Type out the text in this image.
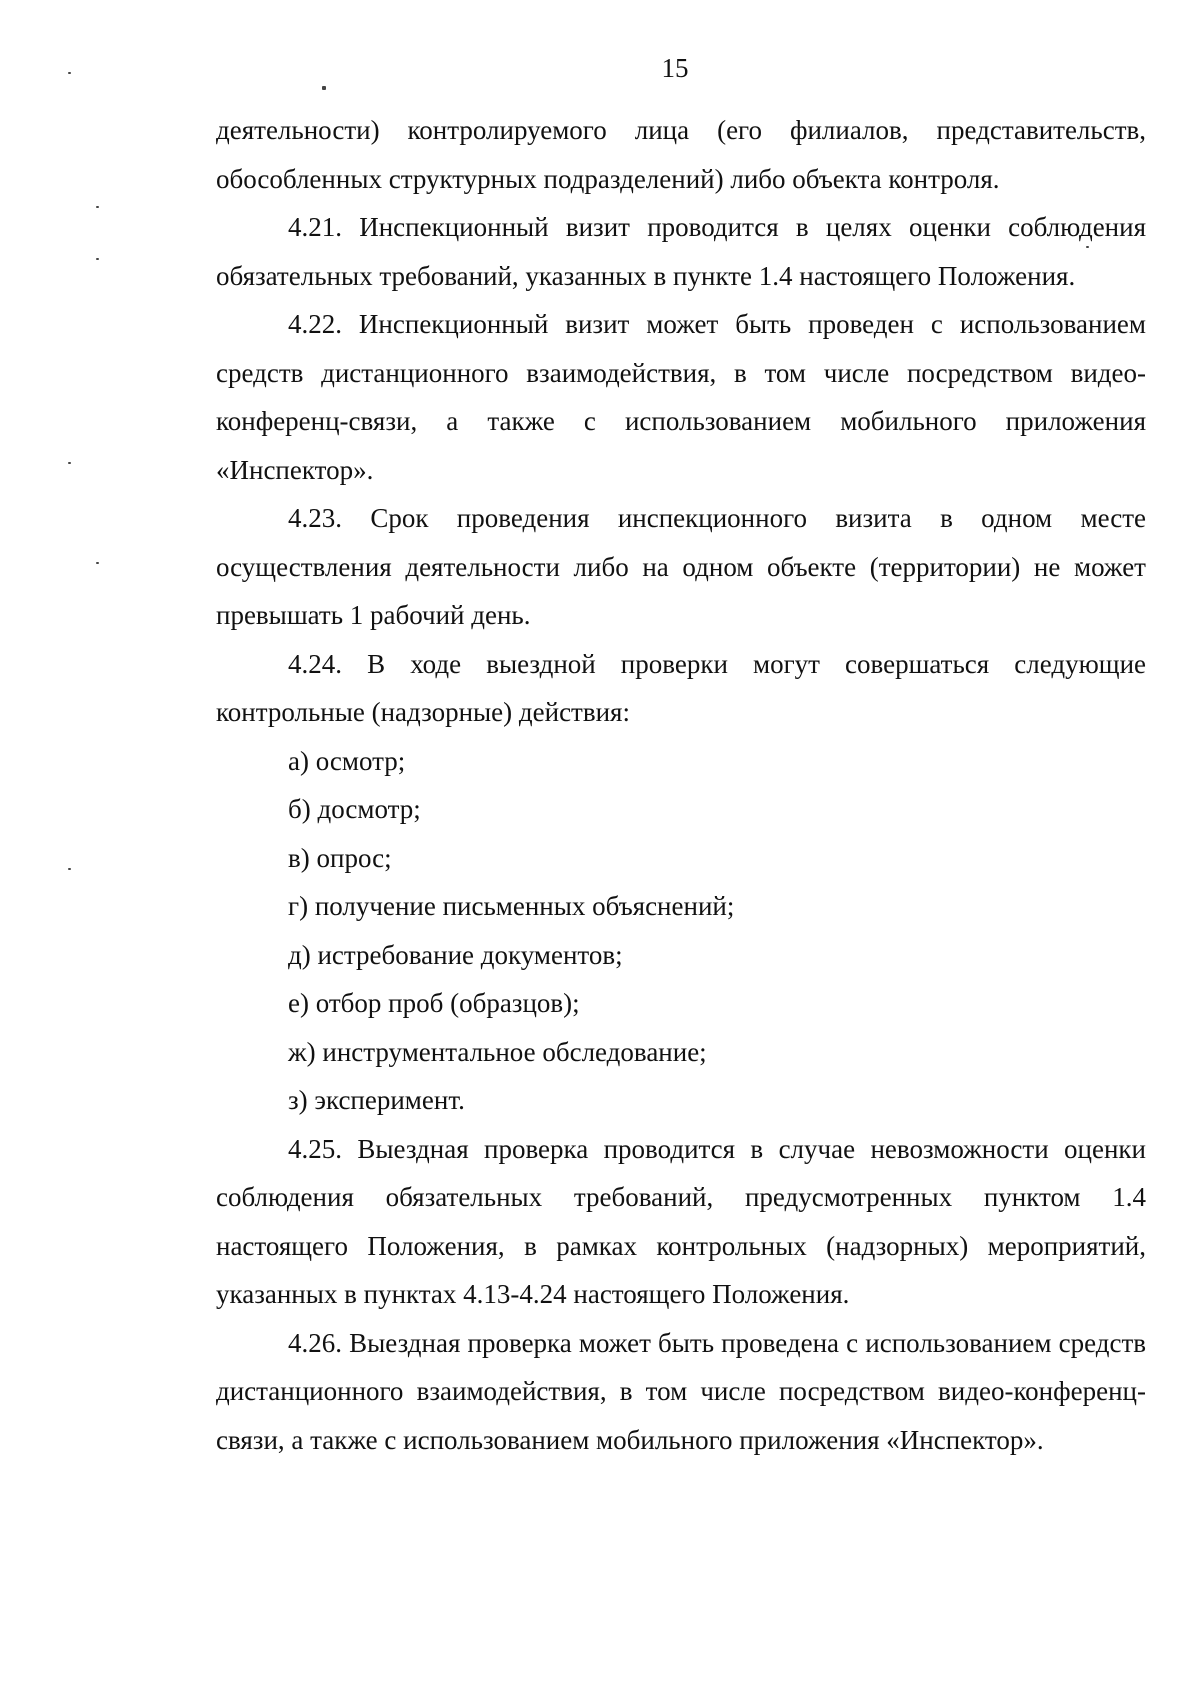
15

деятельности) контролируемого лица (его филиалов, представительств, обособленных структурных подразделений) либо объекта контроля.

4.21. Инспекционный визит проводится в целях оценки соблюдения обязательных требований, указанных в пункте 1.4 настоящего Положения.

4.22. Инспекционный визит может быть проведен с использованием средств дистанционного взаимодействия, в том числе посредством видео-конференц-связи, а также с использованием мобильного приложения «Инспектор».

4.23. Срок проведения инспекционного визита в одном месте осуществления деятельности либо на одном объекте (территории) не может превышать 1 рабочий день.

4.24. В ходе выездной проверки могут совершаться следующие контрольные (надзорные) действия:

а) осмотр;

б) досмотр;

в) опрос;

г) получение письменных объяснений;

д) истребование документов;

е) отбор проб (образцов);

ж) инструментальное обследование;

з) эксперимент.

4.25. Выездная проверка проводится в случае невозможности оценки соблюдения обязательных требований, предусмотренных пунктом 1.4 настоящего Положения, в рамках контрольных (надзорных) мероприятий, указанных в пунктах 4.13-4.24 настоящего Положения.

4.26. Выездная проверка может быть проведена с использованием средств дистанционного взаимодействия, в том числе посредством видео-конференц-связи, а также с использованием мобильного приложения «Инспектор».
